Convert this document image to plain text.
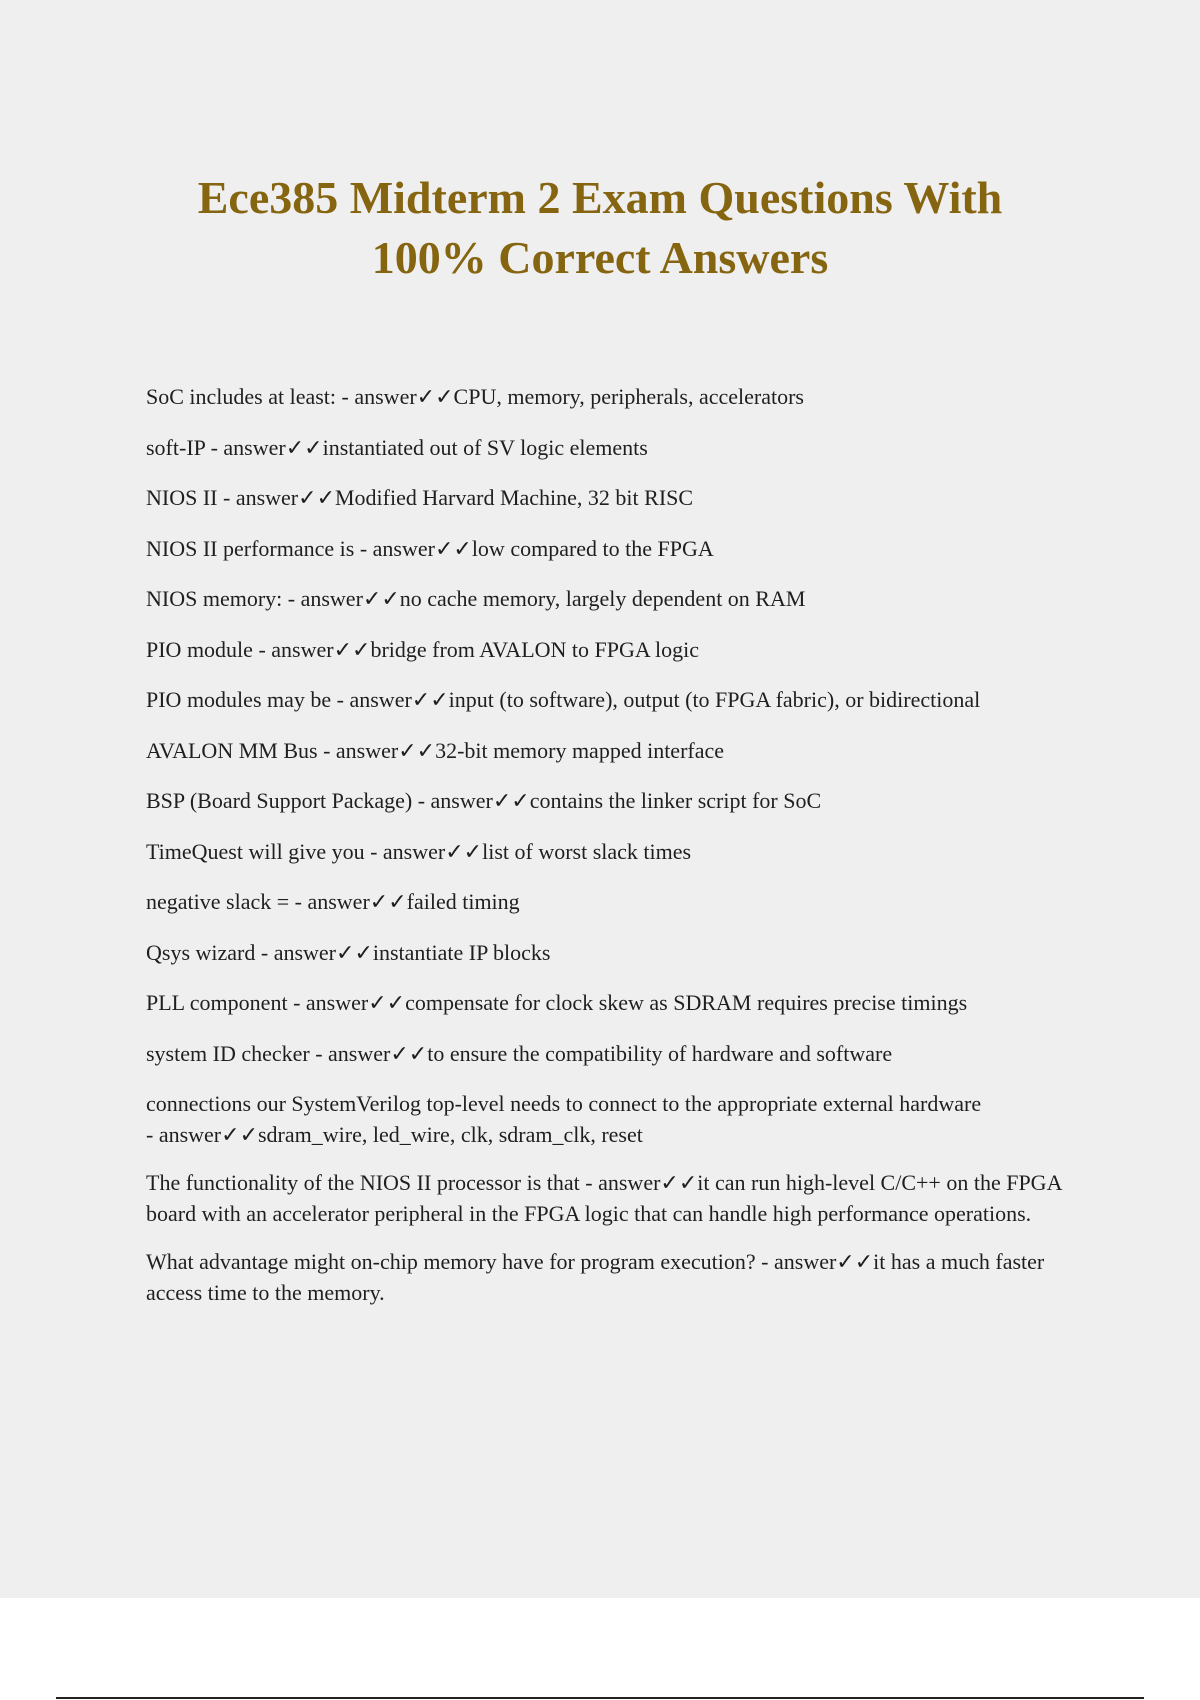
Ece385 Midterm 2 Exam Questions With
100% Correct Answers
SoC includes at least: - answer✓✓CPU, memory, peripherals, accelerators
soft-IP - answer✓✓instantiated out of SV logic elements
NIOS II - answer✓✓Modified Harvard Machine, 32 bit RISC
NIOS II performance is - answer✓✓low compared to the FPGA
NIOS memory: - answer✓✓no cache memory, largely dependent on RAM
PIO module - answer✓✓bridge from AVALON to FPGA logic
PIO modules may be - answer✓✓input (to software), output (to FPGA fabric), or bidirectional
AVALON MM Bus - answer✓✓32-bit memory mapped interface
BSP (Board Support Package) - answer✓✓contains the linker script for SoC
TimeQuest will give you - answer✓✓list of worst slack times
negative slack = - answer✓✓failed timing
Qsys wizard - answer✓✓instantiate IP blocks
PLL component - answer✓✓compensate for clock skew as SDRAM requires precise timings
system ID checker - answer✓✓to ensure the compatibility of hardware and software
connections our SystemVerilog top-level needs to connect to the appropriate external hardware - answer✓✓sdram_wire, led_wire, clk, sdram_clk, reset
The functionality of the NIOS II processor is that - answer✓✓it can run high-level C/C++ on the FPGA board with an accelerator peripheral in the FPGA logic that can handle high performance operations.
What advantage might on-chip memory have for program execution? - answer✓✓it has a much faster access time to the memory.
